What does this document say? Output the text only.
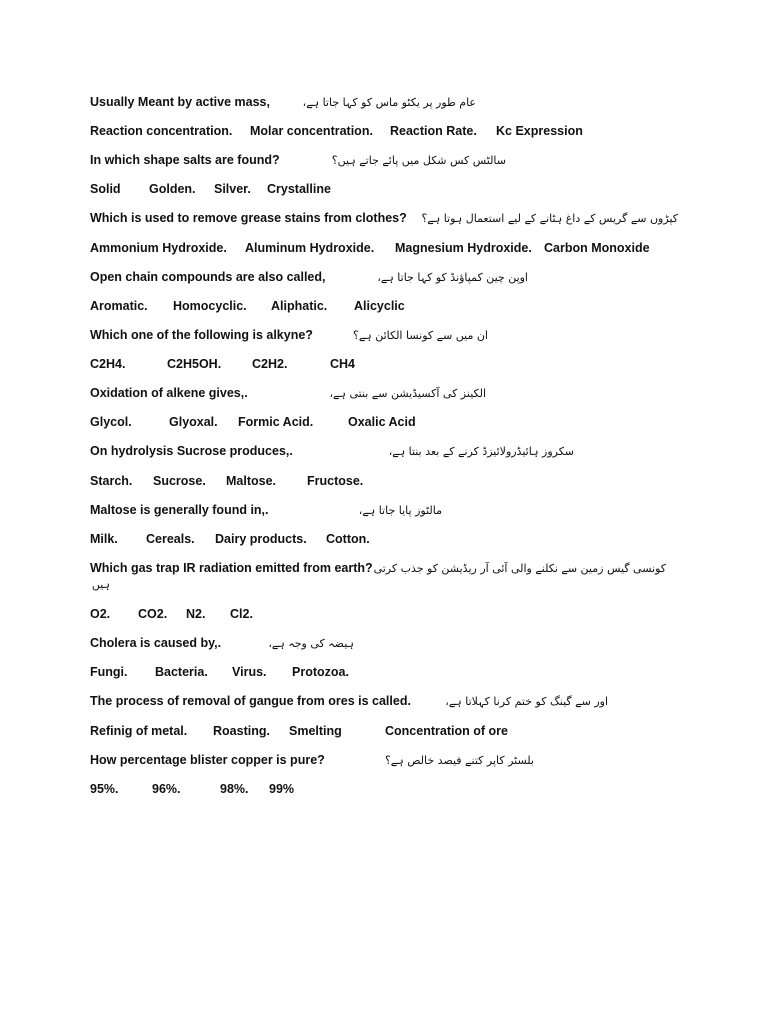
Usually Meant by active mass,	عام طور پر یکٹو ماس کو کہا جاتا ہے،
Reaction concentration. Molar concentration. Reaction Rate. Kc Expression
In which shape salts are found?	سالٹس کس شکل میں پائے جاتے ہیں؟
Solid Golden. Silver. Crystalline
Which is used to remove grease stains from clothes?	کپڑوں سے گریس کے داغ ہٹانے کے لیے استعمال ہوتا ہے؟
Ammonium Hydroxide. Aluminum Hydroxide. Magnesium Hydroxide. Carbon Monoxide
Open chain compounds are also called,	اوپن چین کمپاؤنڈ کو کہا جاتا ہے،
Aromatic. Homocyclic. Aliphatic. Alicyclic
Which one of the following is alkyne?	ان میں سے کونسا الکائن ہے؟
C2H4.	C2H5OH. C2H2.	CH4
Oxidation of alkene gives,.	الکینز کی آکسیڈیشن سے بنتی ہے،
Glycol.	Glyoxal. Formic Acid.	Oxalic Acid
On hydrolysis Sucrose produces,.	سکروز ہائیڈرولائیزڈ کرنے کے بعد بنتا ہے،
Starch. Sucrose. Maltose. Fructose.
Maltose is generally found in,.	مالٹوز پایا جاتا ہے،
Milk. Cereals. Dairy products. Cotton.
Which gas trap IR radiation emitted from earth? کونسی گیس زمین سے نکلنے والی آئی آر ریڈیشن کو جذب کرتی
ہیں
O2. CO2. N2. Cl2.
Cholera is caused by,.	ہیضہ کی وجہ ہے،
Fungi. Bacteria. Virus. Protozoa.
The process of removal of gangue from ores is called.	اور سے گینگ کو ختم کرنا کہلاتا ہے،
Refinig of metal. Roasting. Smelting	Concentration of ore
How percentage blister copper is pure?	بلسٹر کاپر کتنے فیصد خالص ہے؟
95%.	96%.	98%. 99%
